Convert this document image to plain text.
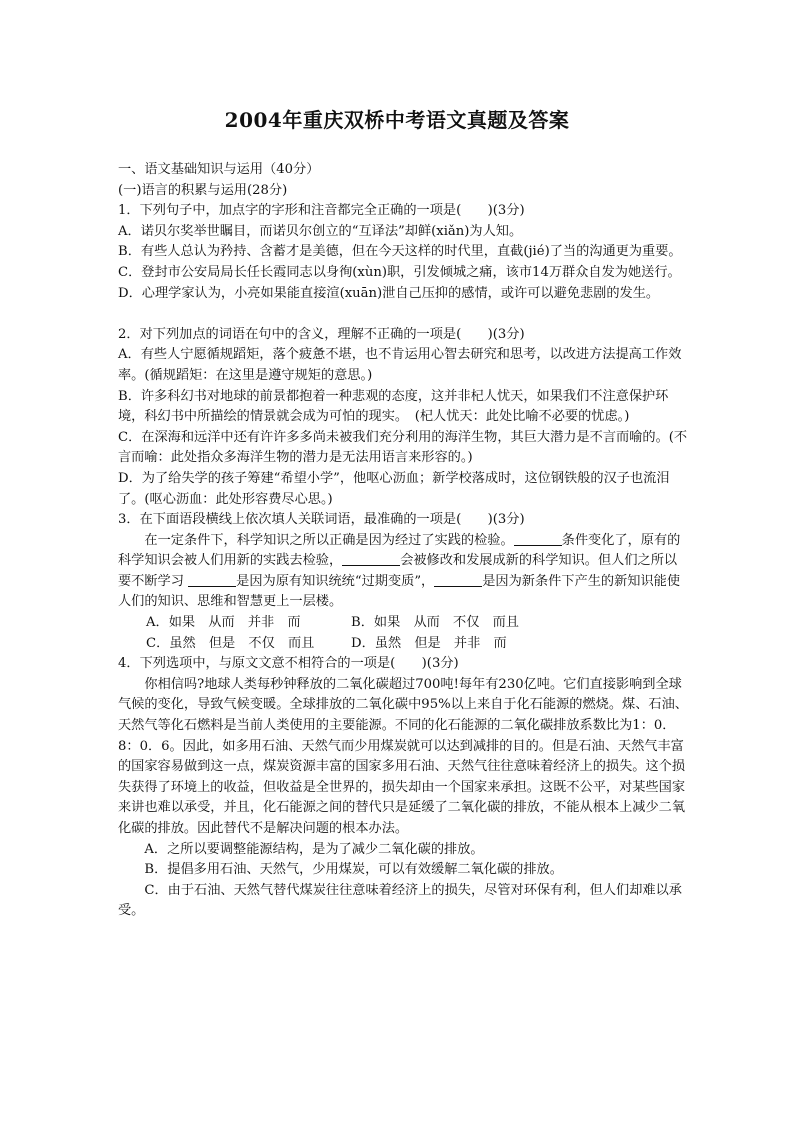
2004年重庆双桥中考语文真题及答案

一、语文基础知识与运用（40分）

(一)语言的积累与运用(28分)

1．下列句子中，加点字的字形和注音都完全正确的一项是(　　)(3分)

A．诺贝尔奖举世瞩目，而诺贝尔创立的“互译法”却鲜(xiǎn)为人知。

B．有些人总认为矜持、含蓄才是美德，但在今天这样的时代里，直截(jié)了当的沟通更为重要。

C．登封市公安局局长任长霞同志以身徇(xùn)职，引发倾城之痛，该市14万群众自发为她送行。

D．心理学家认为，小亮如果能直接渲(xuān)泄自己压抑的感情，或许可以避免悲剧的发生。

2．对下列加点的词语在句中的含义，理解不正确的一项是(　　)(3分)

A．有些人宁愿循规蹈矩，落个疲惫不堪，也不肯运用心智去研究和思考，以改进方法提高工作效率。(循规蹈矩：在这里是遵守规矩的意思。)

B．许多科幻书对地球的前景都抱着一种悲观的态度，这并非杞人忧天，如果我们不注意保护环境，科幻书中所描绘的情景就会成为可怕的现实。　(杞人忧天：此处比喻不必要的忧虑。)

C．在深海和远洋中还有许许多多尚未被我们充分利用的海洋生物，其巨大潜力是不言而喻的。(不言而喻：此处指众多海洋生物的潜力是无法用语言来形容的。)

D．为了给失学的孩子筹建“希望小学”，他呕心沥血；新学校落成时，这位钢铁般的汉子也流泪了。(呕心沥血：此处形容费尽心思。)

3．在下面语段横线上依次填人关联词语，最准确的一项是(　　)(3分)

在一定条件下，科学知识之所以正确是因为经过了实践的检验。	条件变化了，原有的科学知识会被人们用新的实践去检验，	会被修改和发展成新的科学知识。但人们之所以要不断学习	是因为原有知识统统“过期变质”，	是因为新条件下产生的新知识能使人们的知识、思维和智慧更上一层楼。

A．如果　从而　并非　而	B．如果　从而　不仅　而且

C．虽然　但是　不仅　而且	D．虽然　但是　并非　而

4．下列选项中，与原文文意不相符合的一项是(　　)(3分)

你相信吗?地球人类每秒钟释放的二氧化碳超过700吨!每年有230亿吨。它们直接影响到全球气候的变化，导致气候变暖。全球排放的二氧化碳中95%以上来自于化石能源的燃烧。煤、石油、天然气等化石燃料是当前人类使用的主要能源。不同的化石能源的二氧化碳排放系数比为1：0．8：0．6。因此，如多用石油、天然气而少用煤炭就可以达到减排的目的。但是石油、天然气丰富的国家容易做到这一点，煤炭资源丰富的国家多用石油、天然气往往意味着经济上的损失。这个损失获得了环境上的收益，但收益是全世界的，损失却由一个国家来承担。这既不公平，对某些国家来讲也难以承受，并且，化石能源之间的替代只是延缓了二氧化碳的排放，不能从根本上减少二氧化碳的排放。因此替代不是解决问题的根本办法。

A．之所以要调整能源结构，是为了减少二氧化碳的排放。

B．提倡多用石油、天然气，少用煤炭，可以有效缓解二氧化碳的排放。

C．由于石油、天然气替代煤炭往往意味着经济上的损失，尽管对环保有利，但人们却难以承受。
